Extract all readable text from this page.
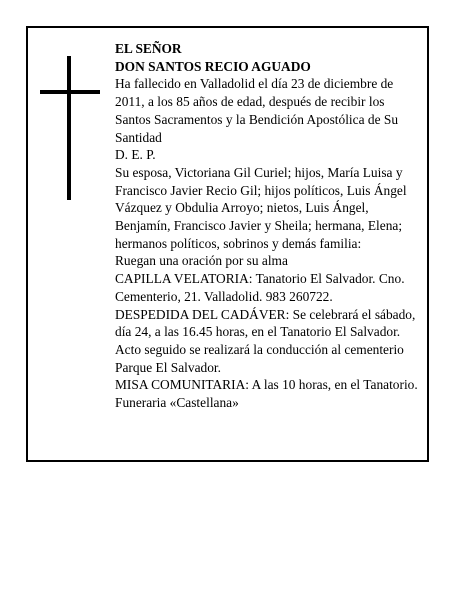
EL SEÑOR

DON SANTOS RECIO AGUADO

Ha fallecido en Valladolid el día 23 de diciembre de 2011, a los 85 años de edad, después de recibir los Santos Sacramentos y la Bendición Apostólica de Su Santidad

D. E. P.

Su esposa, Victoriana Gil Curiel; hijos, María Luisa y Francisco Javier Recio Gil; hijos políticos, Luis Ángel Vázquez y Obdulia Arroyo; nietos, Luis Ángel, Benjamín, Francisco Javier y Sheila; hermana, Elena; hermanos políticos, sobrinos y demás familia:

Ruegan una oración por su alma

CAPILLA VELATORIA: Tanatorio El Salvador. Cno. Cementerio, 21. Valladolid. 983 260722.

DESPEDIDA DEL CADÁVER: Se celebrará el sábado, día 24, a las 16.45 horas, en el Tanatorio El Salvador. Acto seguido se realizará la conducción al cementerio Parque El Salvador.

MISA COMUNITARIA: A las 10 horas, en el Tanatorio.

Funeraria «Castellana»
